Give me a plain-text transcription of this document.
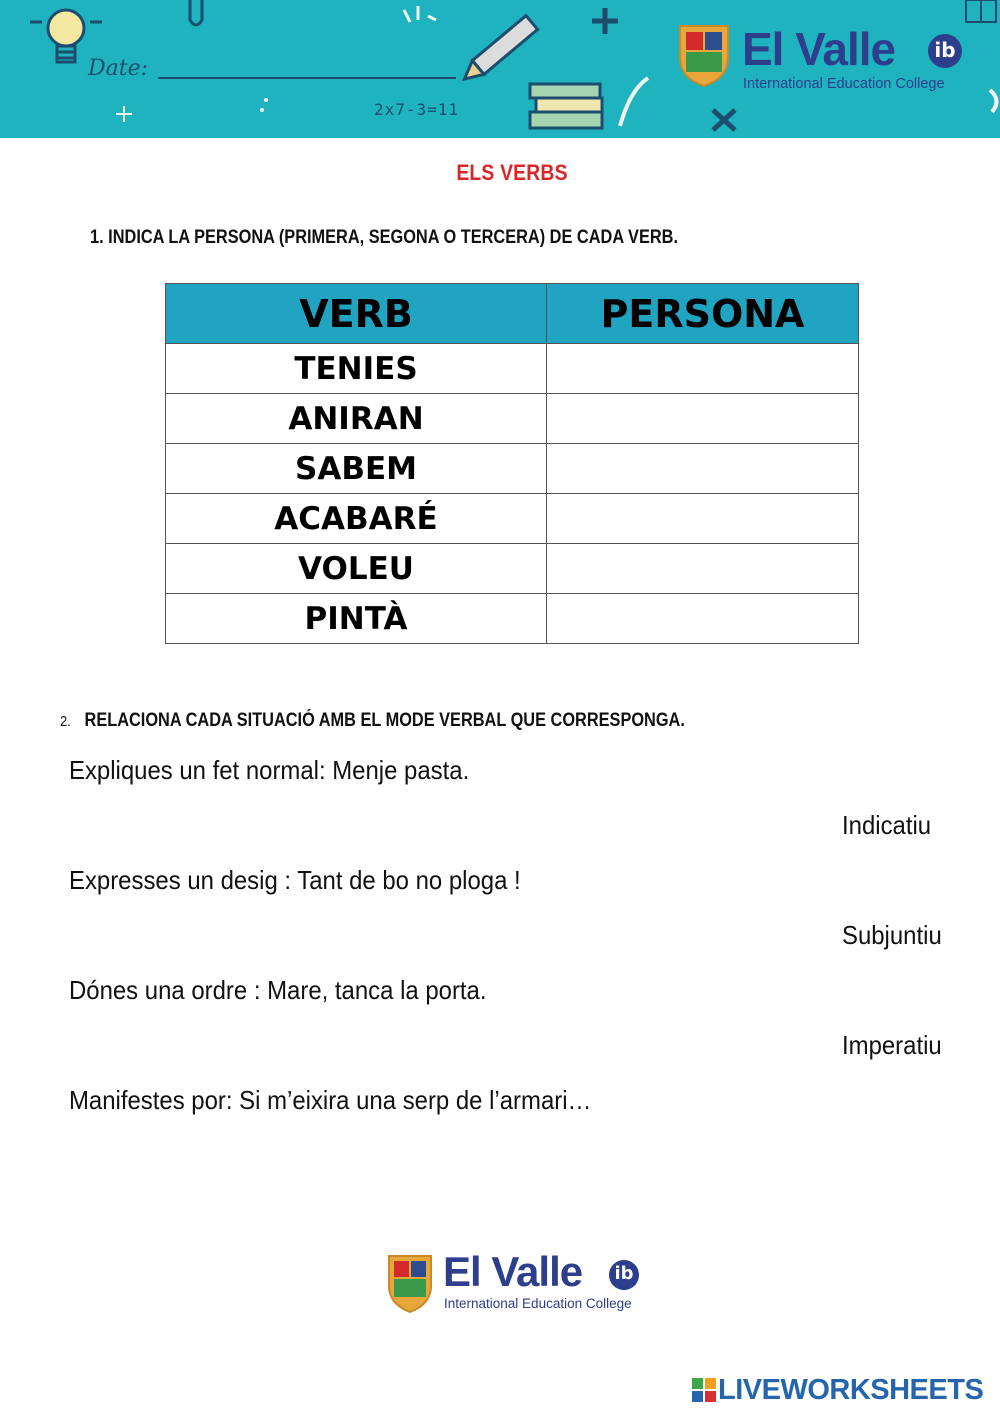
Date:
2x7-3=11
El Valle	ib
International Education College
ELS VERBS
1. INDICA LA PERSONA (PRIMERA, SEGONA O TERCERA) DE CADA VERB.
VERB	PERSONA
TENIES	
ANIRAN	
SABEM	
ACABARÉ	
VOLEU	
PINTÀ	
2. RELACIONA CADA SITUACIÓ AMB EL MODE VERBAL QUE CORRESPONGA.
Expliques un fet normal: Menje pasta.
Indicatiu
Expresses un desig : Tant de bo no ploga !
Subjuntiu
Dónes una ordre : Mare, tanca la porta.
Imperatiu
Manifestes por: Si m’eixira una serp de l’armari…
El Valle	ib
International Education College
LIVEWORKSHEETS
